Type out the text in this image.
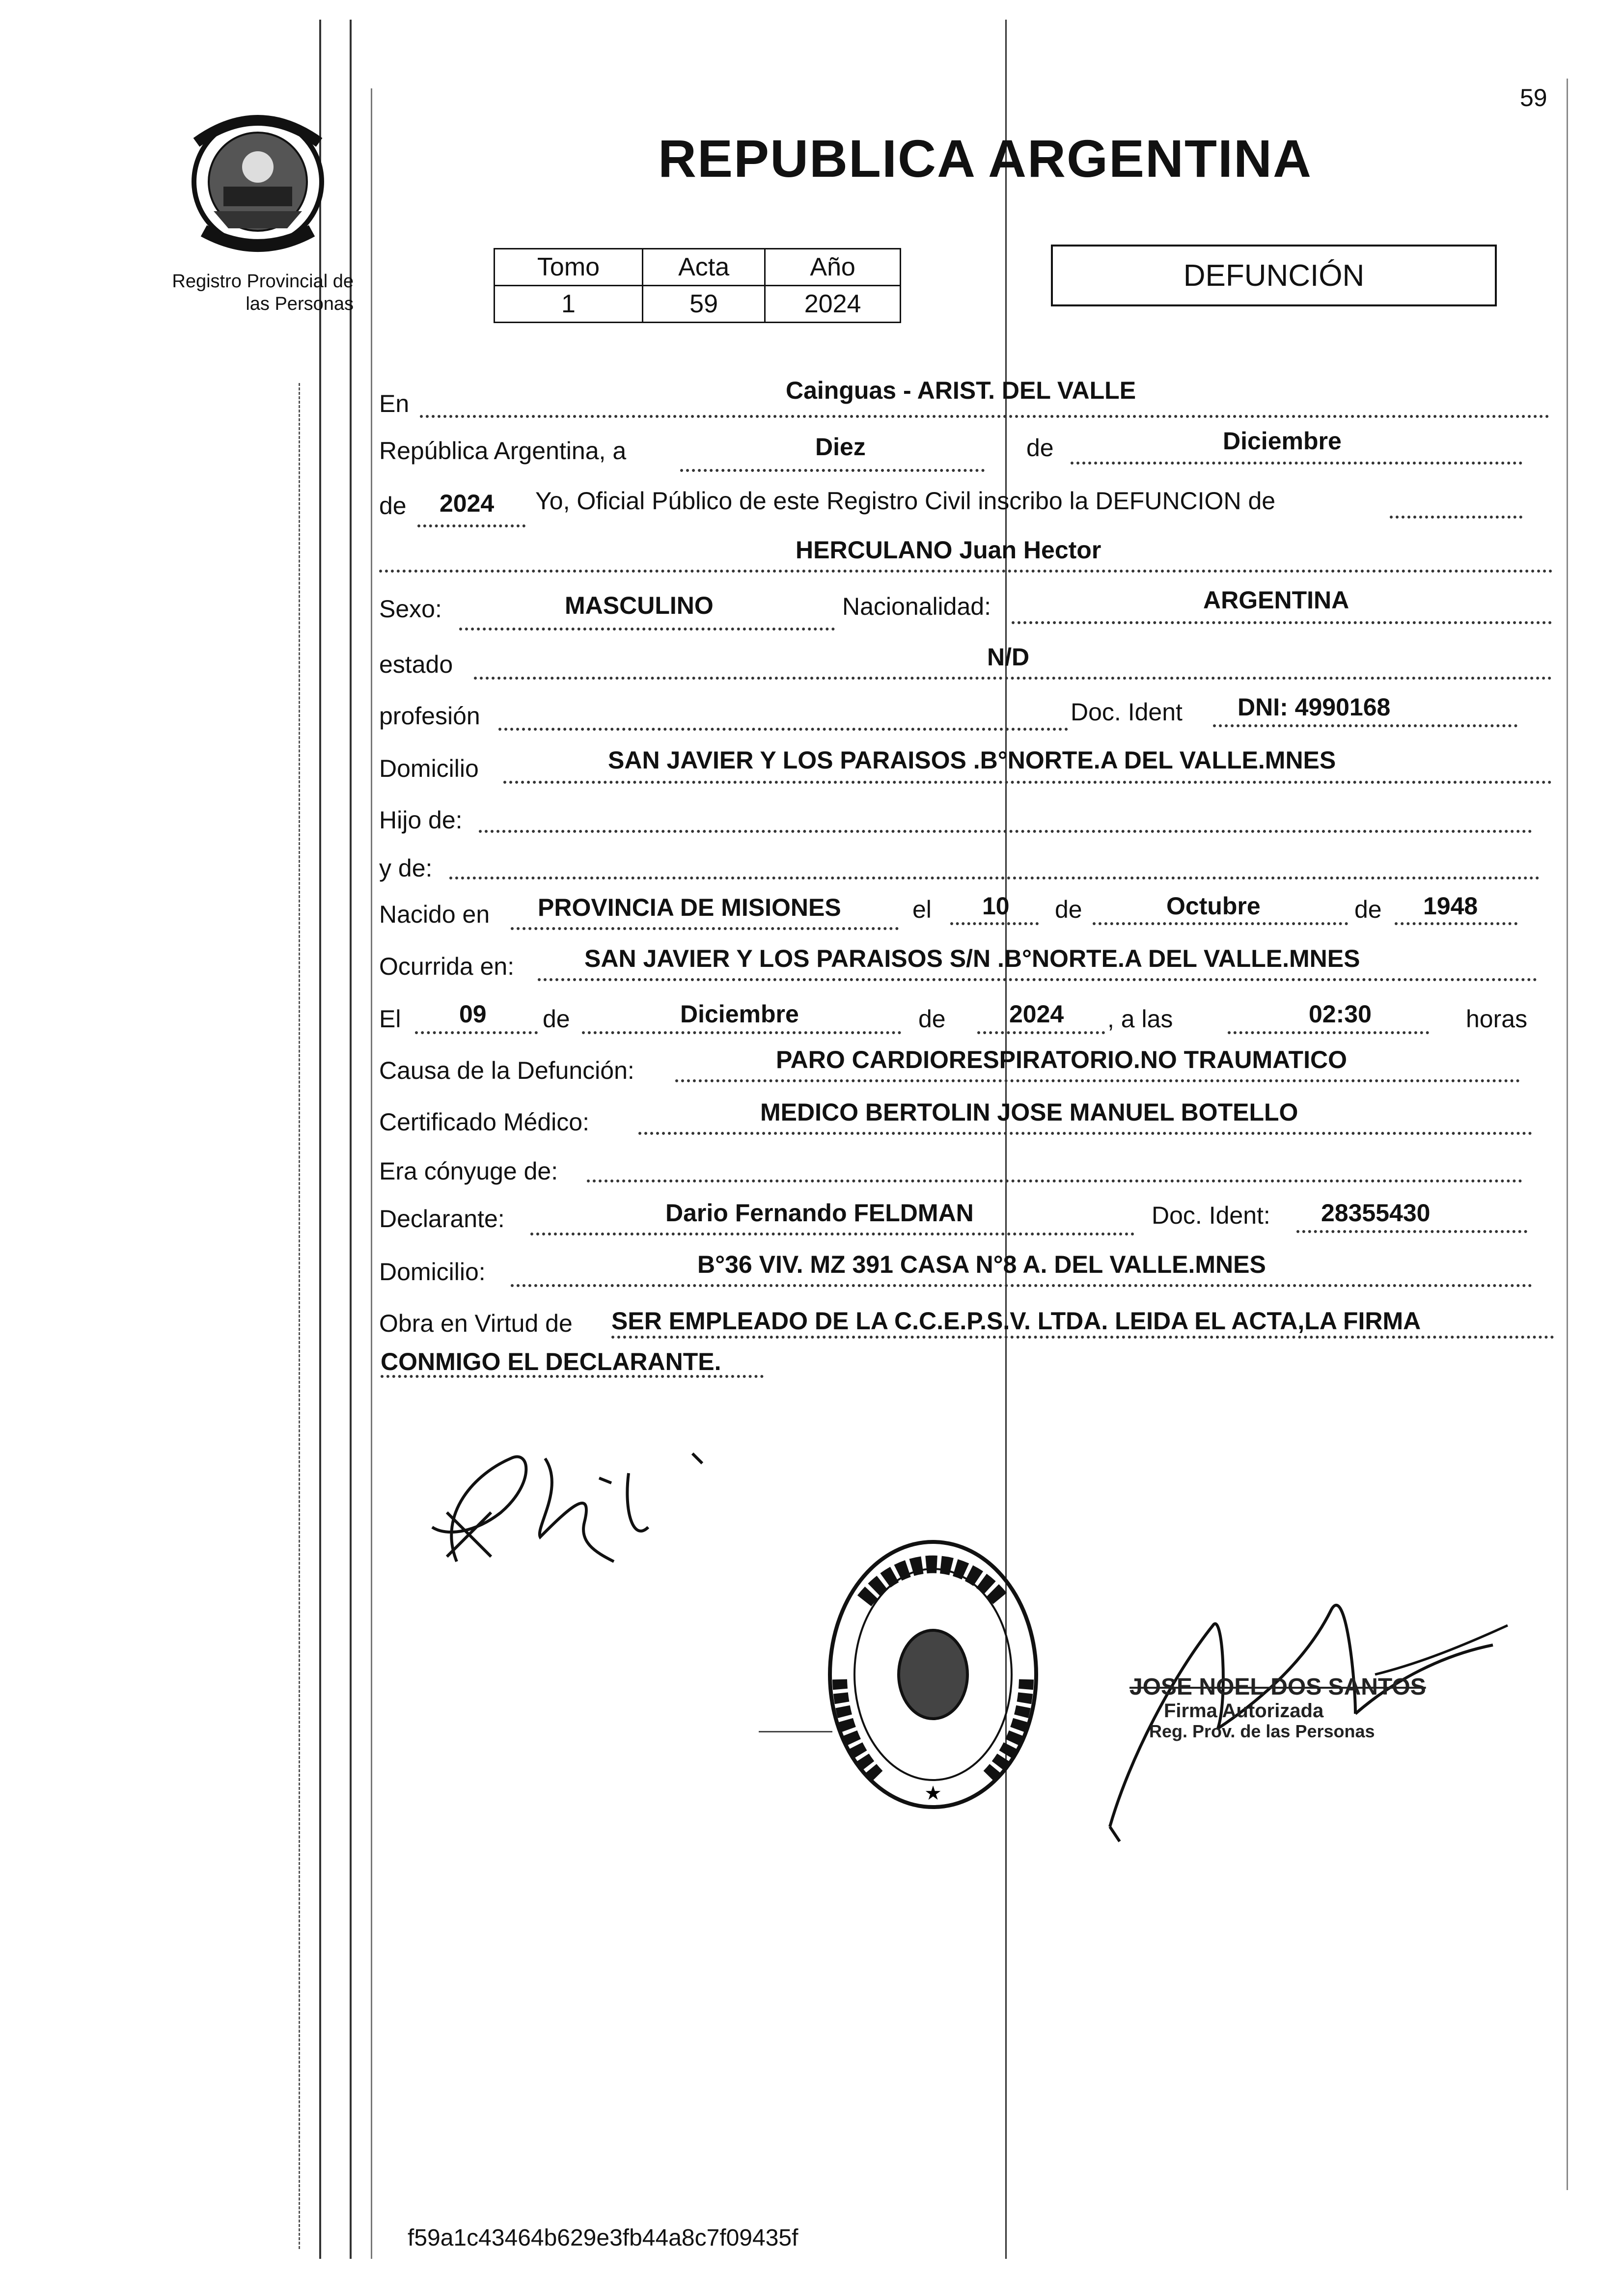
59
Registro Provincial de
las Personas
REPUBLICA ARGENTINA
Tomo	Acta	Año
1	59	2024
DEFUNCIÓN
En	Cainguas - ARIST. DEL VALLE
República Argentina, a	Diez	de	Diciembre
de 2024 Yo, Oficial Público de este Registro Civil inscribo la DEFUNCION de
HERCULANO Juan Hector
Sexo:	MASCULINO	Nacionalidad:	ARGENTINA
estado	N/D
profesión	Doc. Ident DNI: 4990168
Domicilio	SAN JAVIER Y LOS PARAISOS .B°NORTE.A DEL VALLE.MNES
Hijo de:
y de:
Nacido en PROVINCIA DE MISIONES	el 10 de	Octubre	de 1948
Ocurrida en:	SAN JAVIER Y LOS PARAISOS S/N .B°NORTE.A DEL VALLE.MNES
El 09 de	Diciembre	de	2024 , a las	02:30	horas
Causa de la Defunción:	PARO CARDIORESPIRATORIO.NO TRAUMATICO
Certificado Médico:	MEDICO BERTOLIN JOSE MANUEL BOTELLO
Era cónyuge de:
Declarante:	Dario Fernando FELDMAN	Doc. Ident: 28355430
Domicilio:	B°36 VIV. MZ 391 CASA N°8 A. DEL VALLE.MNES
Obra en Virtud de SER EMPLEADO DE LA C.C.E.P.S.V. LTDA. LEIDA EL ACTA,LA FIRMA
CONMIGO EL DECLARANTE.
★
JOSE NOEL DOS SANTOS
Firma Autorizada
Reg. Prov. de las Personas
f59a1c43464b629e3fb44a8c7f09435f
